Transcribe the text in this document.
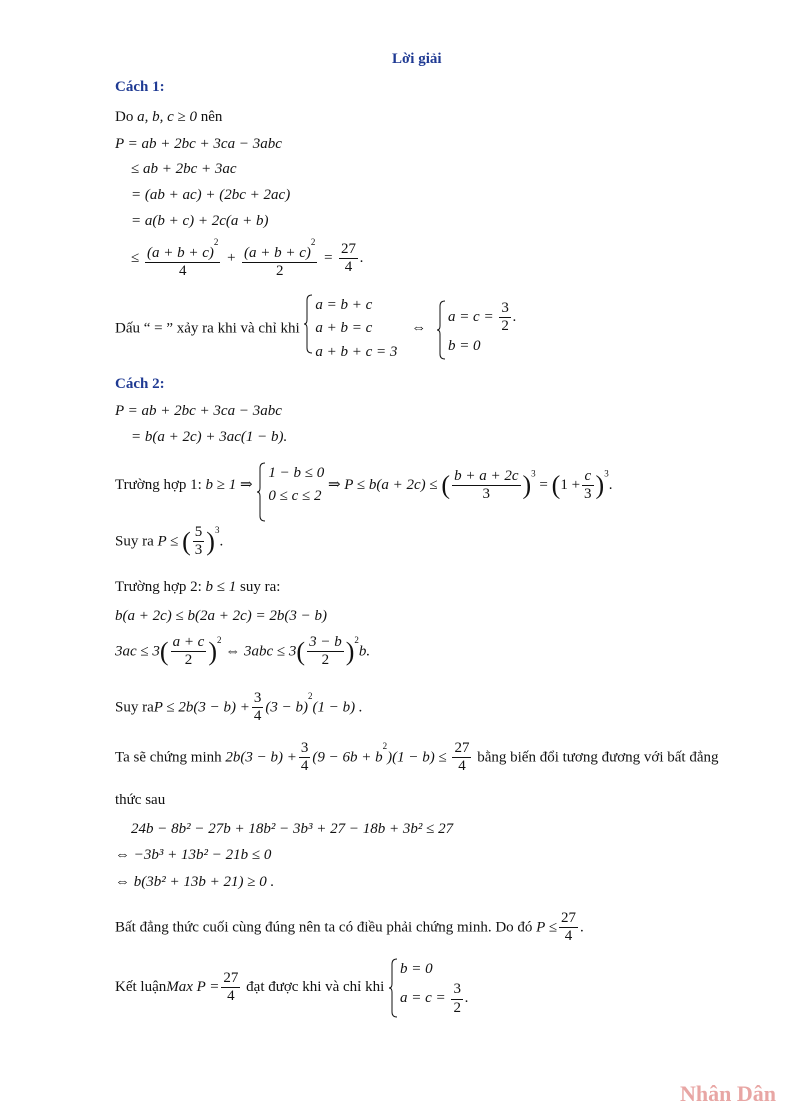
Lời giải
Cách 1:
Do a, b, c ≥ 0 nên
P = ab + 2bc + 3ca − 3abc
≤ ab + 2bc + 3ac
= (ab + ac) + (2bc + 2ac)
= a(b + c) + 2c(a + b)
≤ $\frac{(a + b + c)^2}{4} + \frac{(a + b + c)^2}{2} = \frac{27}{4}$ .
Dấu “ = ” xảy ra khi và chỉ khi
a = b + c
a + b = c
a + b + c = 3
⇔
$a = c = \frac{3}{2}$ .
b = 0
Cách 2:
P = ab + 2bc + 3ca − 3abc
= b(a + 2c) + 3ac(1 − b).
Trường hợp 1: b ≥ 1 ⇒
1 − b ≤ 0
0 ≤ c ≤ 2
⇒ P ≤ b(a + 2c) ≤ ( $\frac{b + a + 2c}{3} )^3 = (1 + \frac{c}{3} )^3$.
Suy ra P ≤ ( $\frac{5}{3} )^3$.
Trường hợp 2: b ≤ 1 suy ra:
b(a + 2c) ≤ b(2a + 2c) = 2b(3 − b)
$3ac \le 3( \frac{a + c}{2} )^2$ ⇔ $3abc \le 3( \frac{3 - b}{2} )^2b$.
Suy raP ≤ $2b(3 - b) + \frac{3}{4} (3 - b)^2(1 - b)$ .
Ta sẽ chứng minh $2b(3 - b) + \frac{3}{4} (9 - 6b + b^2)(1 - b) \le \frac{27}{4}$ bằng biến đổi tương đương với bất đẳng
thức sau
24b − 8b² − 27b + 18b² − 3b³ + 27 − 18b + 3b² ≤ 27
⇔ −3b³ + 13b² − 21b ≤ 0
⇔ b(3b² + 13b + 21) ≥ 0 .
Bất đẳng thức cuối cùng đúng nên ta có điều phải chứng minh. Do đó $P \le \frac{27}{4}$ .
Kết luậnMax $P = \frac{27}{4}$ đạt được khi và chỉ khi
b = 0
$a = c = \frac{3}{2}$ .
Nhân Dân
